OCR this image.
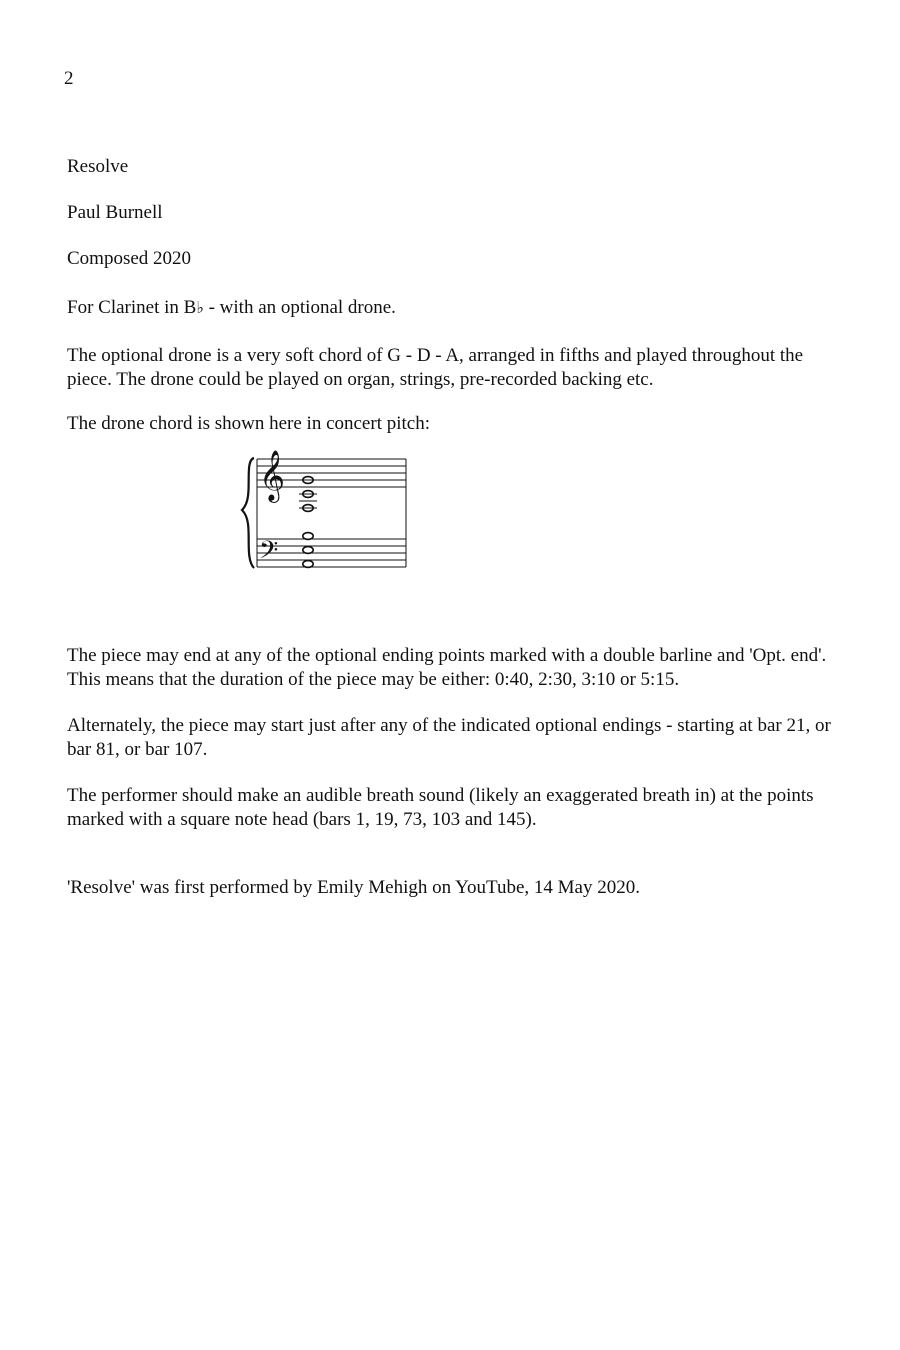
2

Resolve

Paul Burnell

Composed 2020

For Clarinet in B♭ - with an optional drone.

The optional drone is a very soft chord of G - D - A, arranged in fifths and played throughout the piece. The drone could be played on organ, strings, pre-recorded backing etc.

The drone chord is shown here in concert pitch:

𝄞
𝄢

The piece may end at any of the optional ending points marked with a double barline and 'Opt. end'. This means that the duration of the piece may be either: 0:40, 2:30, 3:10 or 5:15.

Alternately, the piece may start just after any of the indicated optional endings - starting at bar 21, or bar 81, or bar 107.

The performer should make an audible breath sound (likely an exaggerated breath in) at the points marked with a square note head (bars 1, 19, 73, 103 and 145).

'Resolve' was first performed by Emily Mehigh on YouTube, 14 May 2020.
